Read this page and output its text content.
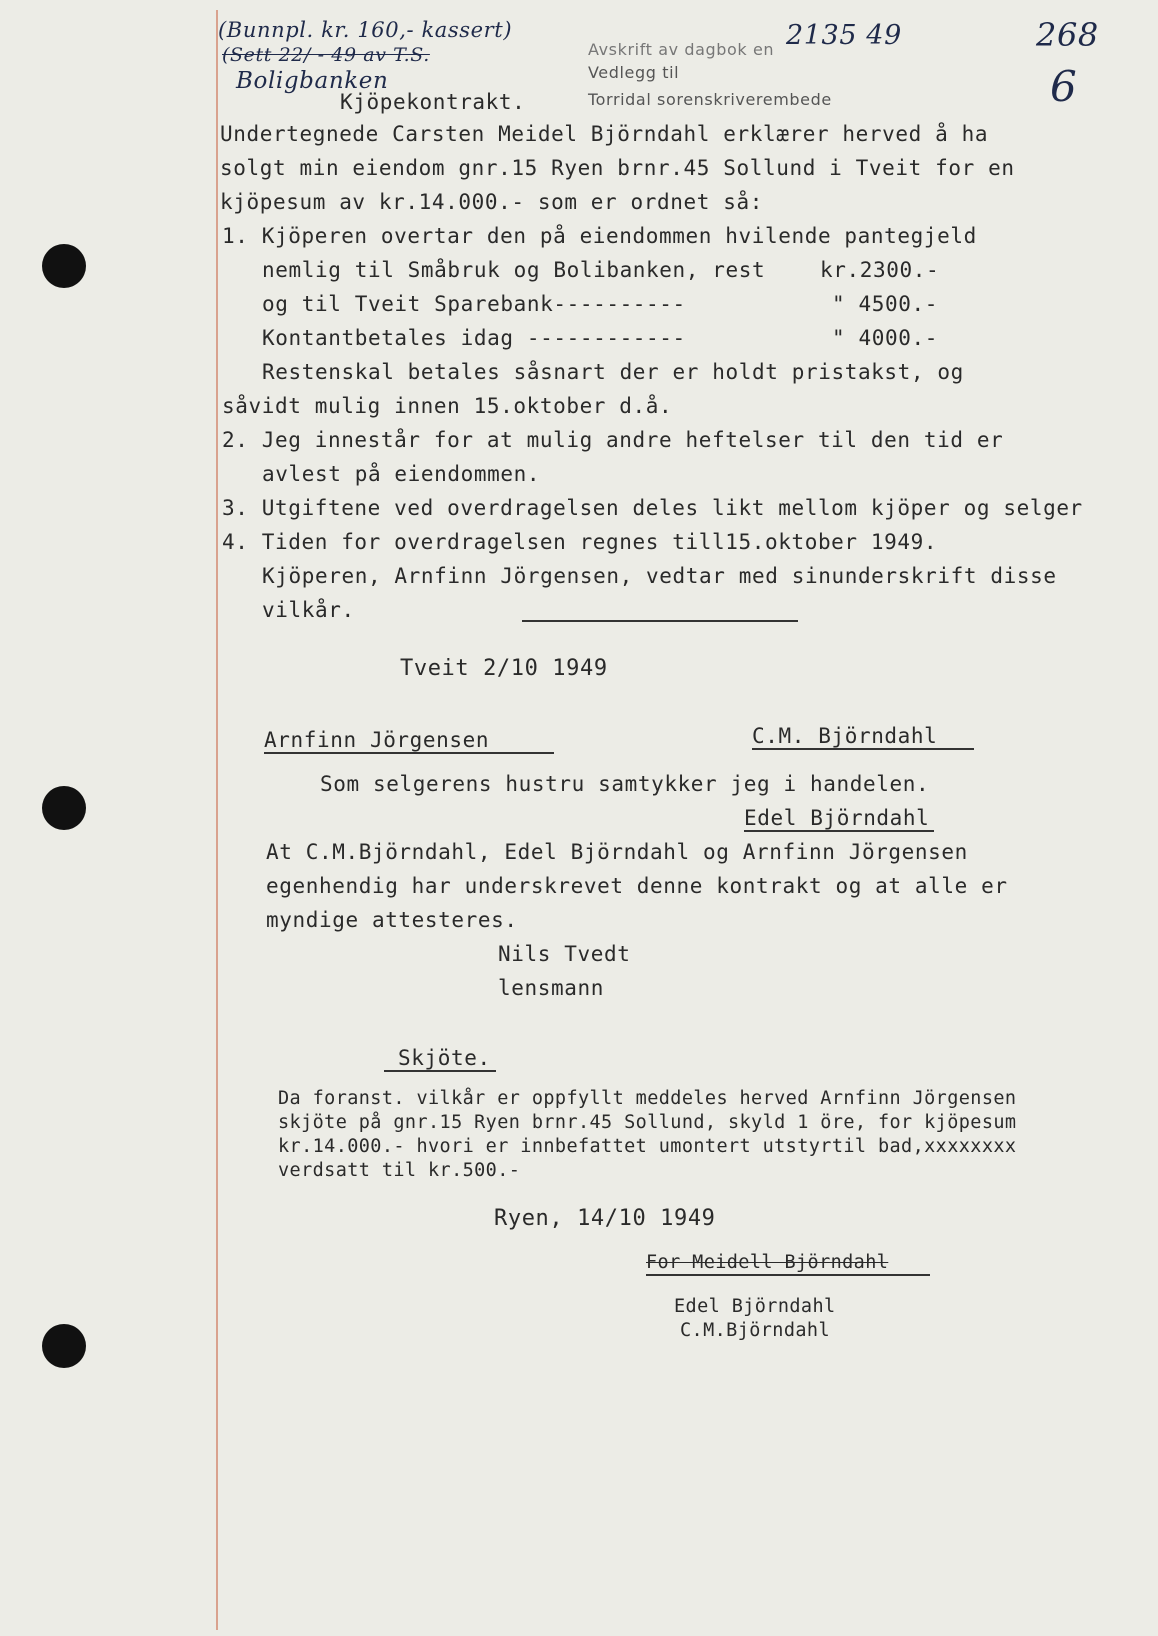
(Bunnpl. kr. 160,- kassert)
(Sett 22/ - 49 av T.S.
Boligbanken
Avskrift av dagbok en
Vedlegg til
Torridal sorenskriverembede
2135 49	268
6
Kjöpekontrakt.
Undertegnede Carsten Meidel Björndahl erklærer herved å ha
solgt min eiendom gnr.15 Ryen brnr.45 Sollund i Tveit for en
kjöpesum av kr.14.000.- som er ordnet så:
1. Kjöperen overtar den på eiendommen hvilende pantegjeld
nemlig til Småbruk og Bolibanken, rest	kr.2300.-
og til Tveit Sparebank----------	" 4500.-
Kontantbetales idag ------------	" 4000.-
Restenskal betales såsnart der er holdt pristakst, og
såvidt mulig innen 15.oktober d.å.
2. Jeg innestår for at mulig andre heftelser til den tid er
avlest på eiendommen.
3. Utgiftene ved overdragelsen deles likt mellom kjöper og selger
4. Tiden for overdragelsen regnes till15.oktober 1949.
Kjöperen, Arnfinn Jörgensen, vedtar med sinunderskrift disse
vilkår.
Tveit 2/10 1949
Arnfinn Jörgensen	C.M. Björndahl
Som selgerens hustru samtykker jeg i handelen.
Edel Björndahl
At C.M.Björndahl, Edel Björndahl og Arnfinn Jörgensen
egenhendig har underskrevet denne kontrakt og at alle er
myndige attesteres.
Nils Tvedt
lensmann
Skjöte.
Da foranst. vilkår er oppfyllt meddeles herved Arnfinn Jörgensen
skjöte på gnr.15 Ryen brnr.45 Sollund, skyld 1 öre, for kjöpesum
kr.14.000.- hvori er innbefattet umontert utstyrtil bad,xxxxxxxx
verdsatt til kr.500.-
Ryen, 14/10 1949
For Meidell Björndahl
Edel Björndahl
C.M.Björndahl
